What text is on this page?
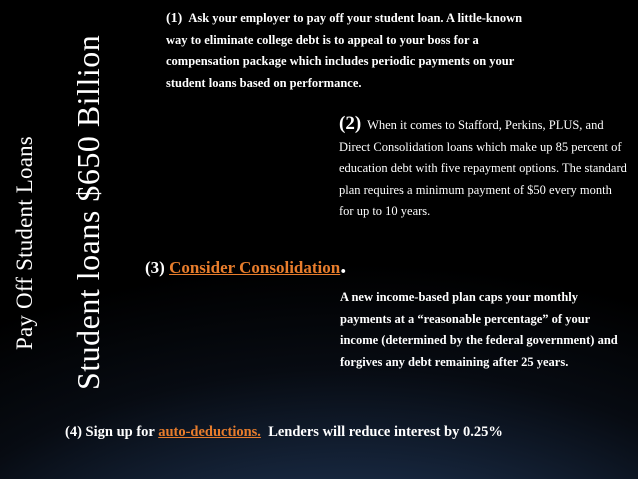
Pay Off Student Loans Student loans $650 Billion
(1) Ask your employer to pay off your student loan. A little-known way to eliminate college debt is to appeal to your boss for a compensation package which includes periodic payments on your student loans based on performance.
(2) When it comes to Stafford, Perkins, PLUS, and Direct Consolidation loans which make up 85 percent of education debt with five repayment options. The standard plan requires a minimum payment of $50 every month for up to 10 years.
(3) Consider Consolidation.
A new income-based plan caps your monthly payments at a “reasonable percentage” of your income (determined by the federal government) and forgives any debt remaining after 25 years.
(4) Sign up for auto-deductions. Lenders will reduce interest by 0.25%
